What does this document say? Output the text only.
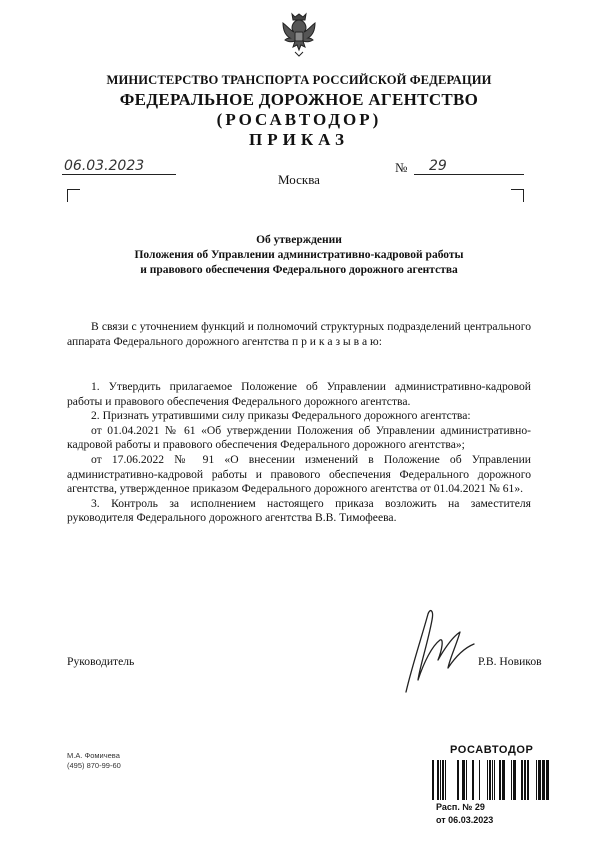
МИНИСТЕРСТВО ТРАНСПОРТА РОССИЙСКОЙ ФЕДЕРАЦИИ
ФЕДЕРАЛЬНОЕ ДОРОЖНОЕ АГЕНТСТВО
(РОСАВТОДОР)
ПРИКАЗ
06.03.2023
Москва
№ 29
Об утверждении
Положения об Управлении административно-кадровой работы
и правового обеспечения Федерального дорожного агентства
В связи с уточнением функций и полномочий структурных подразделений центрального аппарата Федерального дорожного агентства п р и к а з ы в а ю:
1. Утвердить прилагаемое Положение об Управлении административно-кадровой работы и правового обеспечения Федерального дорожного агентства.
2. Признать утратившими силу приказы Федерального дорожного агентства:
от 01.04.2021 № 61 «Об утверждении Положения об Управлении административно-кадровой работы и правового обеспечения Федерального дорожного агентства»;
от 17.06.2022 № 91 «О внесении изменений в Положение об Управлении административно-кадровой работы и правового обеспечения Федерального дорожного агентства, утвержденное приказом Федерального дорожного агентства от 01.04.2021 № 61».
3. Контроль за исполнением настоящего приказа возложить на заместителя руководителя Федерального дорожного агентства В.В. Тимофеева.
Руководитель	Р.В. Новиков
М.А. Фомичева
(495) 870-99-60
РОСАВТОДОР
Расп. № 29
от 06.03.2023
